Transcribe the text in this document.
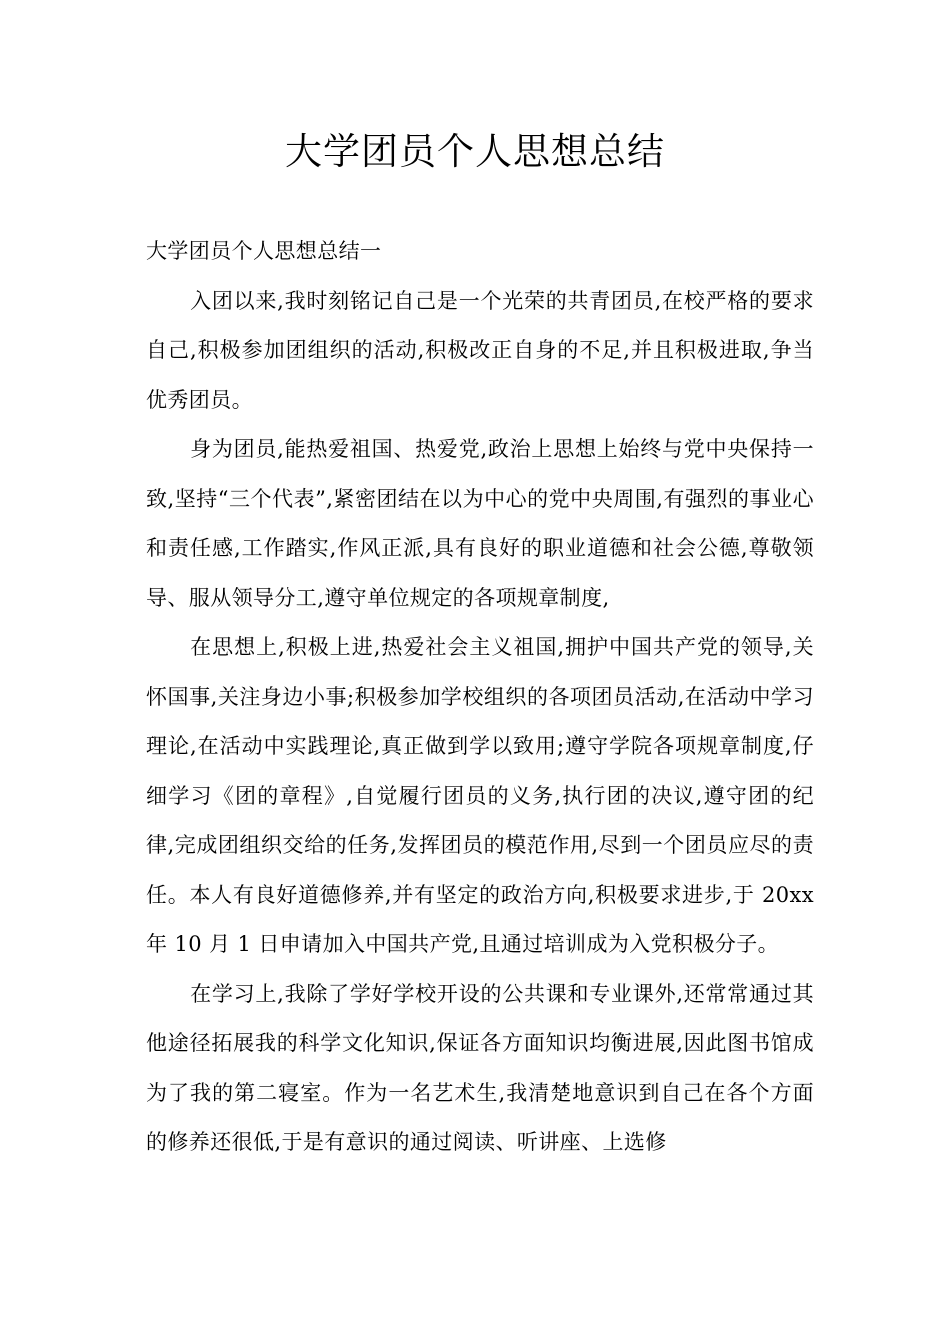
大学团员个人思想总结

大学团员个人思想总结一

入团以来,我时刻铭记自己是一个光荣的共青团员,在校严格的要求自己,积极参加团组织的活动,积极改正自身的不足,并且积极进取,争当优秀团员。

身为团员,能热爱祖国、热爱党,政治上思想上始终与党中央保持一致,坚持“三个代表”,紧密团结在以为中心的党中央周围,有强烈的事业心和责任感,工作踏实,作风正派,具有良好的职业道德和社会公德,尊敬领导、服从领导分工,遵守单位规定的各项规章制度,

在思想上,积极上进,热爱社会主义祖国,拥护中国共产党的领导,关怀国事,关注身边小事;积极参加学校组织的各项团员活动,在活动中学习理论,在活动中实践理论,真正做到学以致用;遵守学院各项规章制度,仔细学习《团的章程》,自觉履行团员的义务,执行团的决议,遵守团的纪律,完成团组织交给的任务,发挥团员的模范作用,尽到一个团员应尽的责任。本人有良好道德修养,并有坚定的政治方向,积极要求进步,于 20xx 年 10 月 1 日申请加入中国共产党,且通过培训成为入党积极分子。

在学习上,我除了学好学校开设的公共课和专业课外,还常常通过其他途径拓展我的科学文化知识,保证各方面知识均衡进展,因此图书馆成为了我的第二寝室。作为一名艺术生,我清楚地意识到自己在各个方面的修养还很低,于是有意识的通过阅读、听讲座、上选修
